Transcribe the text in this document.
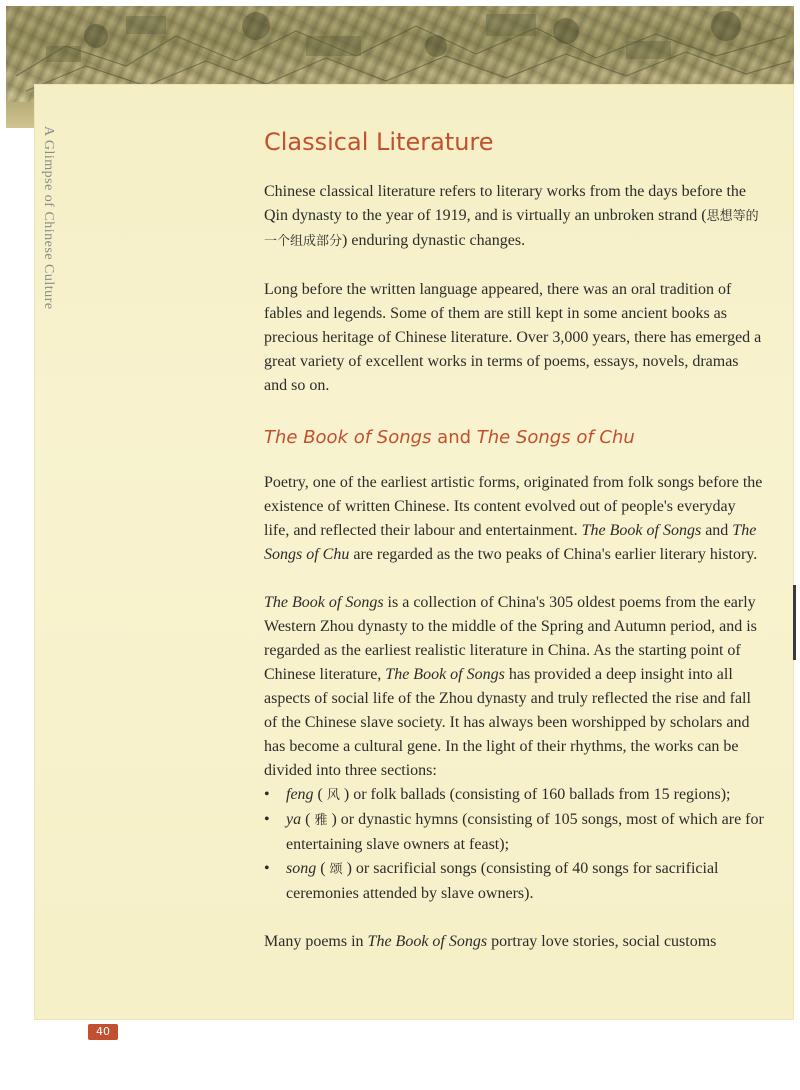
A Glimpse of Chinese Culture	Classical Literature

Chinese classical literature refers to literary works from the days before the Qin dynasty to the year of 1919, and is virtually an unbroken strand (思想等的一个组成部分) enduring dynastic changes.

Long before the written language appeared, there was an oral tradition of fables and legends. Some of them are still kept in some ancient books as precious heritage of Chinese literature. Over 3,000 years, there has emerged a great variety of excellent works in terms of poems, essays, novels, dramas and so on.

The Book of Songs and The Songs of Chu

Poetry, one of the earliest artistic forms, originated from folk songs before the existence of written Chinese. Its content evolved out of people's everyday life, and reflected their labour and entertainment. The Book of Songs and The Songs of Chu are regarded as the two peaks of China's earlier literary history.

The Book of Songs is a collection of China's 305 oldest poems from the early Western Zhou dynasty to the middle of the Spring and Autumn period, and is regarded as the earliest realistic literature in China. As the starting point of Chinese literature, The Book of Songs has provided a deep insight into all aspects of social life of the Zhou dynasty and truly reflected the rise and fall of the Chinese slave society. It has always been worshipped by scholars and has become a cultural gene. In the light of their rhythms, the works can be divided into three sections:

•	feng ( 风 ) or folk ballads (consisting of 160 ballads from 15 regions);
•	ya ( 雅 ) or dynastic hymns (consisting of 105 songs, most of which are for entertaining slave owners at feast);
•	song ( 颂 ) or sacrificial songs (consisting of 40 songs for sacrificial ceremonies attended by slave owners).

Many poems in The Book of Songs portray love stories, social customs

40
